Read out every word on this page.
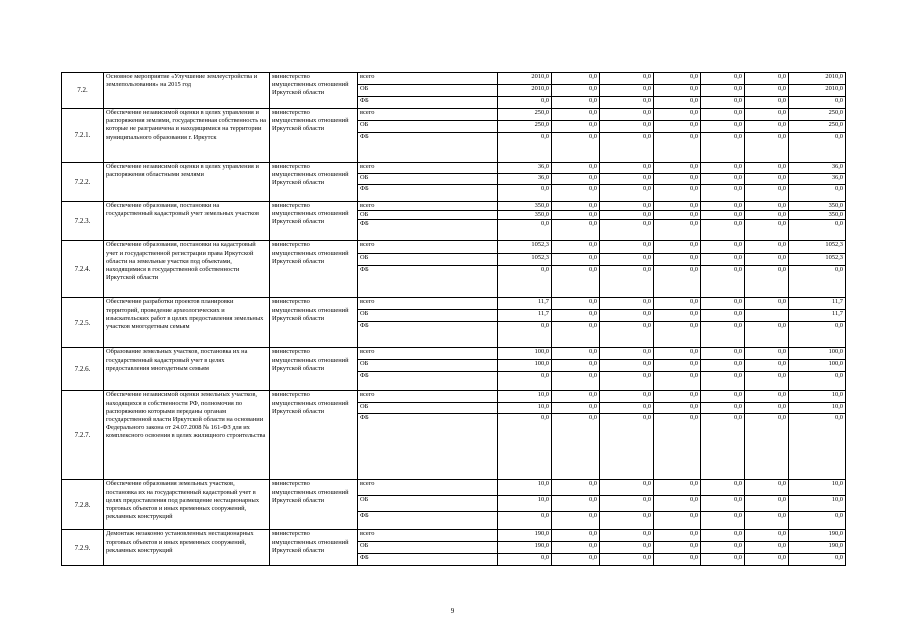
7.2.	Основное мероприятие «Улучшение землеустройства и землепользования» на 2015 год	министерство имущественных отношений Иркутской области	всего	2010,0	0,0	0,0	0,0	0,0	0,0	2010,0
			ОБ	2010,0	0,0	0,0	0,0	0,0	0,0	2010,0
			ФБ	0,0	0,0	0,0	0,0	0,0	0,0	0,0
7.2.1.	Обеспечение независимой оценки в целях управления и распоряжения землями, государственная собственность на которые не разграничена и находящимися на территории муниципального образования г. Иркутск	министерство имущественных отношений Иркутской области	всего	250,0	0,0	0,0	0,0	0,0	0,0	250,0
			ОБ	250,0	0,0	0,0	0,0	0,0	0,0	250,0
			ФБ	0,0	0,0	0,0	0,0	0,0	0,0	0,0
7.2.2.	Обеспечение независимой оценки в целях управления и распоряжения областными землями	министерство имущественных отношений Иркутской области	всего	36,0	0,0	0,0	0,0	0,0	0,0	36,0
			ОБ	36,0	0,0	0,0	0,0	0,0	0,0	36,0
			ФБ	0,0	0,0	0,0	0,0	0,0	0,0	0,0
7.2.3.	Обеспечение образования, постановки на государственный кадастровый учет земельных участков	министерство имущественных отношений Иркутской области	всего	350,0	0,0	0,0	0,0	0,0	0,0	350,0
			ОБ	350,0	0,0	0,0	0,0	0,0	0,0	350,0
			ФБ	0,0	0,0	0,0	0,0	0,0	0,0	0,0
7.2.4.	Обеспечение образования, постановки на кадастровый учет и государственной регистрации права Иркутской области на земельные участки под объектами, находящимися в государственной собственности Иркутской области	министерство имущественных отношений Иркутской области	всего	1052,3	0,0	0,0	0,0	0,0	0,0	1052,3
			ОБ	1052,3	0,0	0,0	0,0	0,0	0,0	1052,3
			ФБ	0,0	0,0	0,0	0,0	0,0	0,0	0,0
7.2.5.	Обеспечение разработки проектов планировки территорий, проведение археологических и изыскательских работ в целях предоставления земельных участков многодетным семьям	министерство имущественных отношений Иркутской области	всего	11,7	0,0	0,0	0,0	0,0	0,0	11,7
			ОБ	11,7	0,0	0,0	0,0	0,0		11,7
			ФБ	0,0	0,0	0,0	0,0	0,0	0,0	0,0
7.2.6.	Образование земельных участков, постановка их на государственный кадастровый учет в целях предоставления многодетным семьям	министерство имущественных отношений Иркутской области	всего	100,0	0,0	0,0	0,0	0,0	0,0	100,0
			ОБ	100,0	0,0	0,0	0,0	0,0	0,0	100,0
			ФБ	0,0	0,0	0,0	0,0	0,0	0,0	0,0
7.2.7.	Обеспечение независимой оценки земельных участков, находящихся в собственности РФ, полномочия по распоряжению которыми переданы органам государственной власти Иркутской области на основании Федерального закона от 24.07.2008 № 161-ФЗ для их комплексного освоения в целях жилищного строительства	министерство имущественных отношений Иркутской области	всего	10,0	0,0	0,0	0,0	0,0	0,0	10,0
			ОБ	10,0	0,0	0,0	0,0	0,0	0,0	10,0
			ФБ	0,0	0,0	0,0	0,0	0,0	0,0	0,0
7.2.8.	Обеспечение образования земельных участков, постановка их на государственный кадастровый учет в целях предоставления под размещение нестационарных торговых объектов и иных временных сооружений, рекламных конструкций	министерство имущественных отношений Иркутской области	всего	10,0	0,0	0,0	0,0	0,0	0,0	10,0
			ОБ	10,0	0,0	0,0	0,0	0,0	0,0	10,0
			ФБ	0,0	0,0	0,0	0,0	0,0	0,0	0,0
7.2.9.	Демонтаж незаконно установленных нестационарных торговых объектов и иных временных сооружений, рекламных конструкций	министерство имущественных отношений Иркутской области	всего	190,0	0,0	0,0	0,0	0,0	0,0	190,0
			ОБ	190,0	0,0	0,0	0,0	0,0	0,0	190,0
			ФБ	0,0	0,0	0,0	0,0	0,0	0,0	0,0
9
